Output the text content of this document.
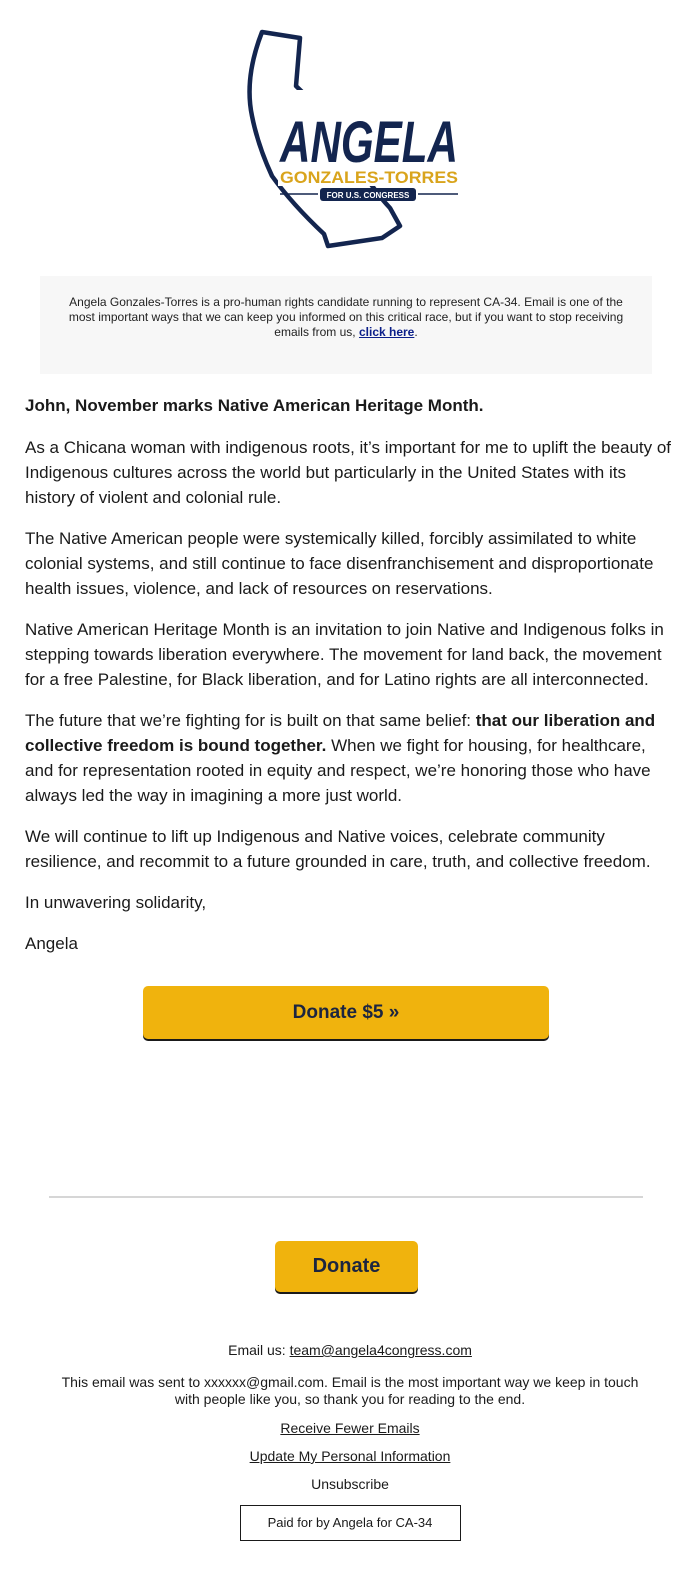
ANGELA
GONZALES-TORRES
FOR U.S. CONGRESS
Angela Gonzales-Torres is a pro-human rights candidate running to represent CA-34. Email is one of the most important ways that we can keep you informed on this critical race, but if you want to stop receiving emails from us, click here.

John, November marks Native American Heritage Month.

As a Chicana woman with indigenous roots, it’s important for me to uplift the beauty of Indigenous cultures across the world but particularly in the United States with its history of violent and colonial rule.

The Native American people were systemically killed, forcibly assimilated to white colonial systems, and still continue to face disenfranchisement and disproportionate health issues, violence, and lack of resources on reservations.

Native American Heritage Month is an invitation to join Native and Indigenous folks in stepping towards liberation everywhere. The movement for land back, the movement for a free Palestine, for Black liberation, and for Latino rights are all interconnected.

The future that we’re fighting for is built on that same belief: that our liberation and collective freedom is bound together. When we fight for housing, for healthcare, and for representation rooted in equity and respect, we’re honoring those who have always led the way in imagining a more just world.

We will continue to lift up Indigenous and Native voices, celebrate community resilience, and recommit to a future grounded in care, truth, and collective freedom.

In unwavering solidarity,

Angela

Donate $5 »
Donate
Email us: team@angela4congress.com
This email was sent to xxxxxx@gmail.com. Email is the most important way we keep in touch with people like you, so thank you for reading to the end.
Receive Fewer Emails
Update My Personal Information
Unsubscribe
Paid for by Angela for CA-34
